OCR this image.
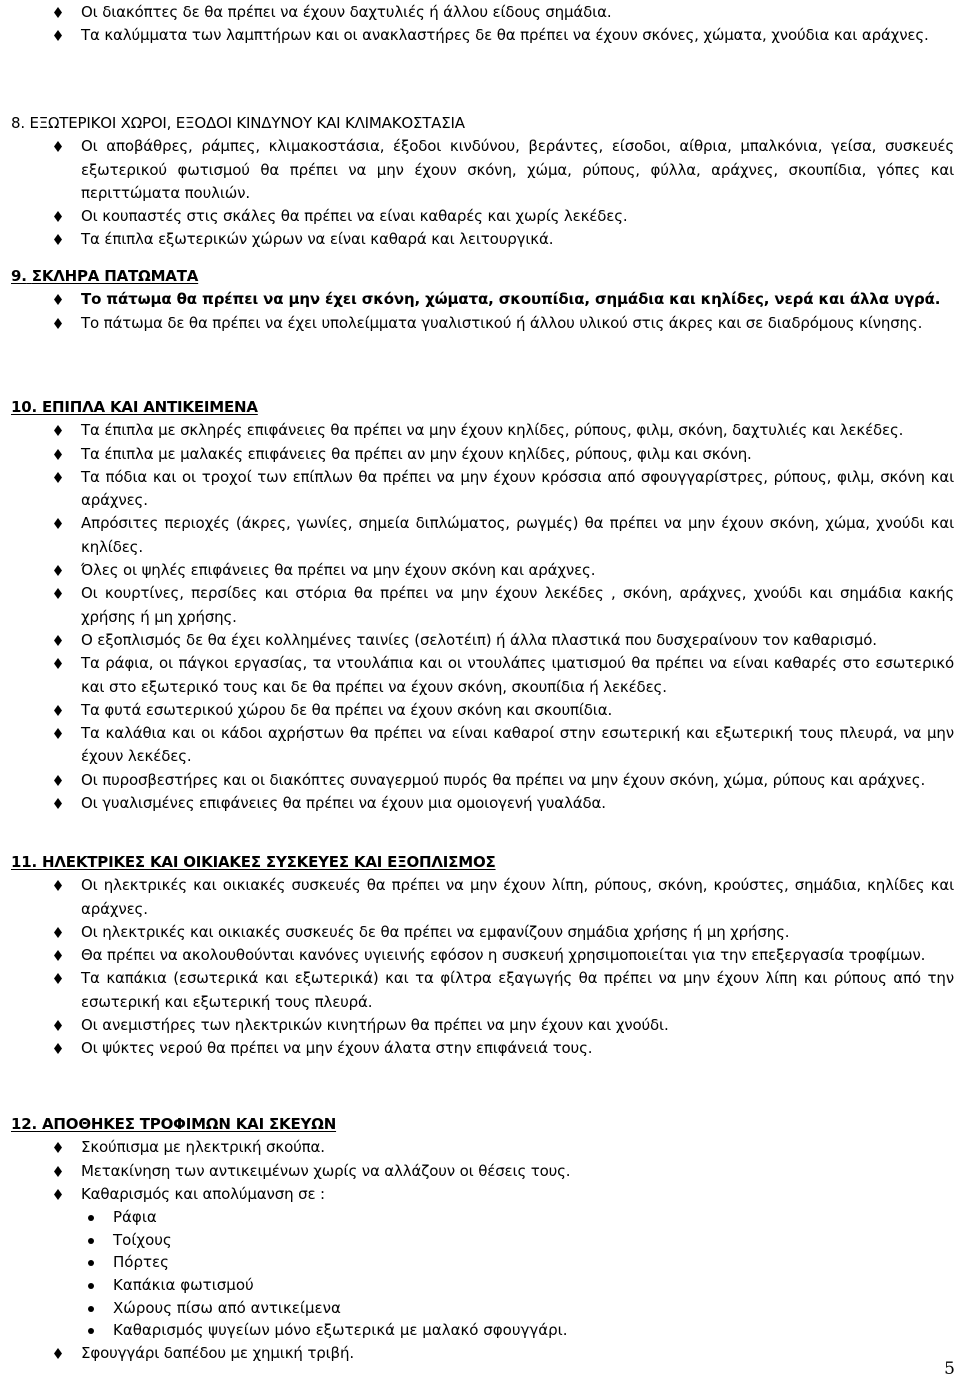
Οι διακόπτες δε θα πρέπει να έχουν δαχτυλιές ή άλλου είδους σημάδια.
Τα καλύμματα των λαμπτήρων και οι ανακλαστήρες δε θα πρέπει να έχουν σκόνες, χώματα, χνούδια και αράχνες.
8. ΕΞΩΤΕΡΙΚΟΙ ΧΩΡΟΙ, ΕΞΟΔΟΙ ΚΙΝΔΥΝΟΥ ΚΑΙ ΚΛΙΜΑΚΟΣΤΑΣΙΑ
Οι αποβάθρες, ράμπες, κλιμακοστάσια, έξοδοι κινδύνου, βεράντες, είσοδοι, αίθρια, μπαλκόνια, γείσα, συσκευές εξωτερικού φωτισμού θα πρέπει να μην έχουν σκόνη, χώμα, ρύπους, φύλλα, αράχνες, σκουπίδια, γόπες και περιττώματα πουλιών.
Οι κουπαστές στις σκάλες θα πρέπει να είναι καθαρές και χωρίς λεκέδες.
Τα έπιπλα εξωτερικών χώρων να είναι καθαρά και λειτουργικά.
9. ΣΚΛΗΡΑ ΠΑΤΩΜΑΤΑ
Το πάτωμα θα πρέπει να μην έχει σκόνη, χώματα, σκουπίδια, σημάδια και κηλίδες, νερά και άλλα υγρά.
Το πάτωμα δε θα πρέπει να έχει υπολείμματα γυαλιστικού ή άλλου υλικού στις άκρες και σε διαδρόμους κίνησης.
10. ΕΠΙΠΛΑ ΚΑΙ ΑΝΤΙΚΕΙΜΕΝΑ
Τα έπιπλα με σκληρές επιφάνειες θα πρέπει να μην έχουν κηλίδες, ρύπους, φιλμ, σκόνη, δαχτυλιές και λεκέδες.
Τα έπιπλα με μαλακές επιφάνειες θα πρέπει αν μην έχουν κηλίδες, ρύπους, φιλμ και σκόνη.
Τα πόδια και οι τροχοί των επίπλων θα πρέπει να μην έχουν κρόσσια από σφουγγαρίστρες, ρύπους, φιλμ, σκόνη και αράχνες.
Απρόσιτες περιοχές (άκρες, γωνίες, σημεία διπλώματος, ρωγμές) θα πρέπει να μην έχουν σκόνη, χώμα, χνούδι και κηλίδες.
Όλες οι ψηλές επιφάνειες θα πρέπει να μην έχουν σκόνη και αράχνες.
Οι κουρτίνες, περσίδες και στόρια θα πρέπει να μην έχουν λεκέδες , σκόνη, αράχνες, χνούδι και σημάδια κακής χρήσης ή μη χρήσης.
Ο εξοπλισμός δε θα έχει κολλημένες ταινίες (σελοτέιπ) ή άλλα πλαστικά που δυσχεραίνουν τον καθαρισμό.
Τα ράφια, οι πάγκοι εργασίας, τα ντουλάπια και οι ντουλάπες ιματισμού θα πρέπει να είναι καθαρές στο εσωτερικό και στο εξωτερικό τους και δε θα πρέπει να έχουν σκόνη, σκουπίδια ή λεκέδες.
Τα φυτά εσωτερικού χώρου δε θα πρέπει να έχουν σκόνη και σκουπίδια.
Τα καλάθια και οι κάδοι αχρήστων θα πρέπει να είναι καθαροί στην εσωτερική και εξωτερική τους πλευρά, να μην έχουν λεκέδες.
Οι πυροσβεστήρες και οι διακόπτες συναγερμού πυρός θα πρέπει να μην έχουν σκόνη, χώμα, ρύπους και αράχνες.
Οι γυαλισμένες επιφάνειες θα πρέπει να έχουν μια ομοιογενή γυαλάδα.
11. ΗΛΕΚΤΡΙΚΕΣ ΚΑΙ ΟΙΚΙΑΚΕΣ ΣΥΣΚΕΥΕΣ ΚΑΙ ΕΞΟΠΛΙΣΜΟΣ
Οι ηλεκτρικές και οικιακές συσκευές θα πρέπει να μην έχουν λίπη, ρύπους, σκόνη, κρούστες, σημάδια, κηλίδες και αράχνες.
Οι ηλεκτρικές και οικιακές συσκευές δε θα πρέπει να εμφανίζουν σημάδια χρήσης ή μη χρήσης.
Θα πρέπει να ακολουθούνται κανόνες υγιεινής εφόσον η συσκευή χρησιμοποιείται για την επεξεργασία τροφίμων.
Τα καπάκια (εσωτερικά και εξωτερικά) και τα φίλτρα εξαγωγής θα πρέπει να μην έχουν λίπη και ρύπους από την εσωτερική και εξωτερική τους πλευρά.
Οι ανεμιστήρες των ηλεκτρικών κινητήρων θα πρέπει να μην έχουν και χνούδι.
Οι ψύκτες νερού θα πρέπει να μην έχουν άλατα στην επιφάνειά τους.
12. ΑΠΟΘΗΚΕΣ ΤΡΟΦΙΜΩΝ ΚΑΙ ΣΚΕΥΩΝ
Σκούπισμα με ηλεκτρική σκούπα.
Μετακίνηση των αντικειμένων χωρίς να αλλάζουν οι θέσεις τους.
Καθαρισμός και απολύμανση σε :
Ράφια
Τοίχους
Πόρτες
Καπάκια φωτισμού
Χώρους πίσω από αντικείμενα
Καθαρισμός ψυγείων μόνο εξωτερικά με μαλακό σφουγγάρι.
Σφουγγάρι δαπέδου με χημική τριβή.
5
